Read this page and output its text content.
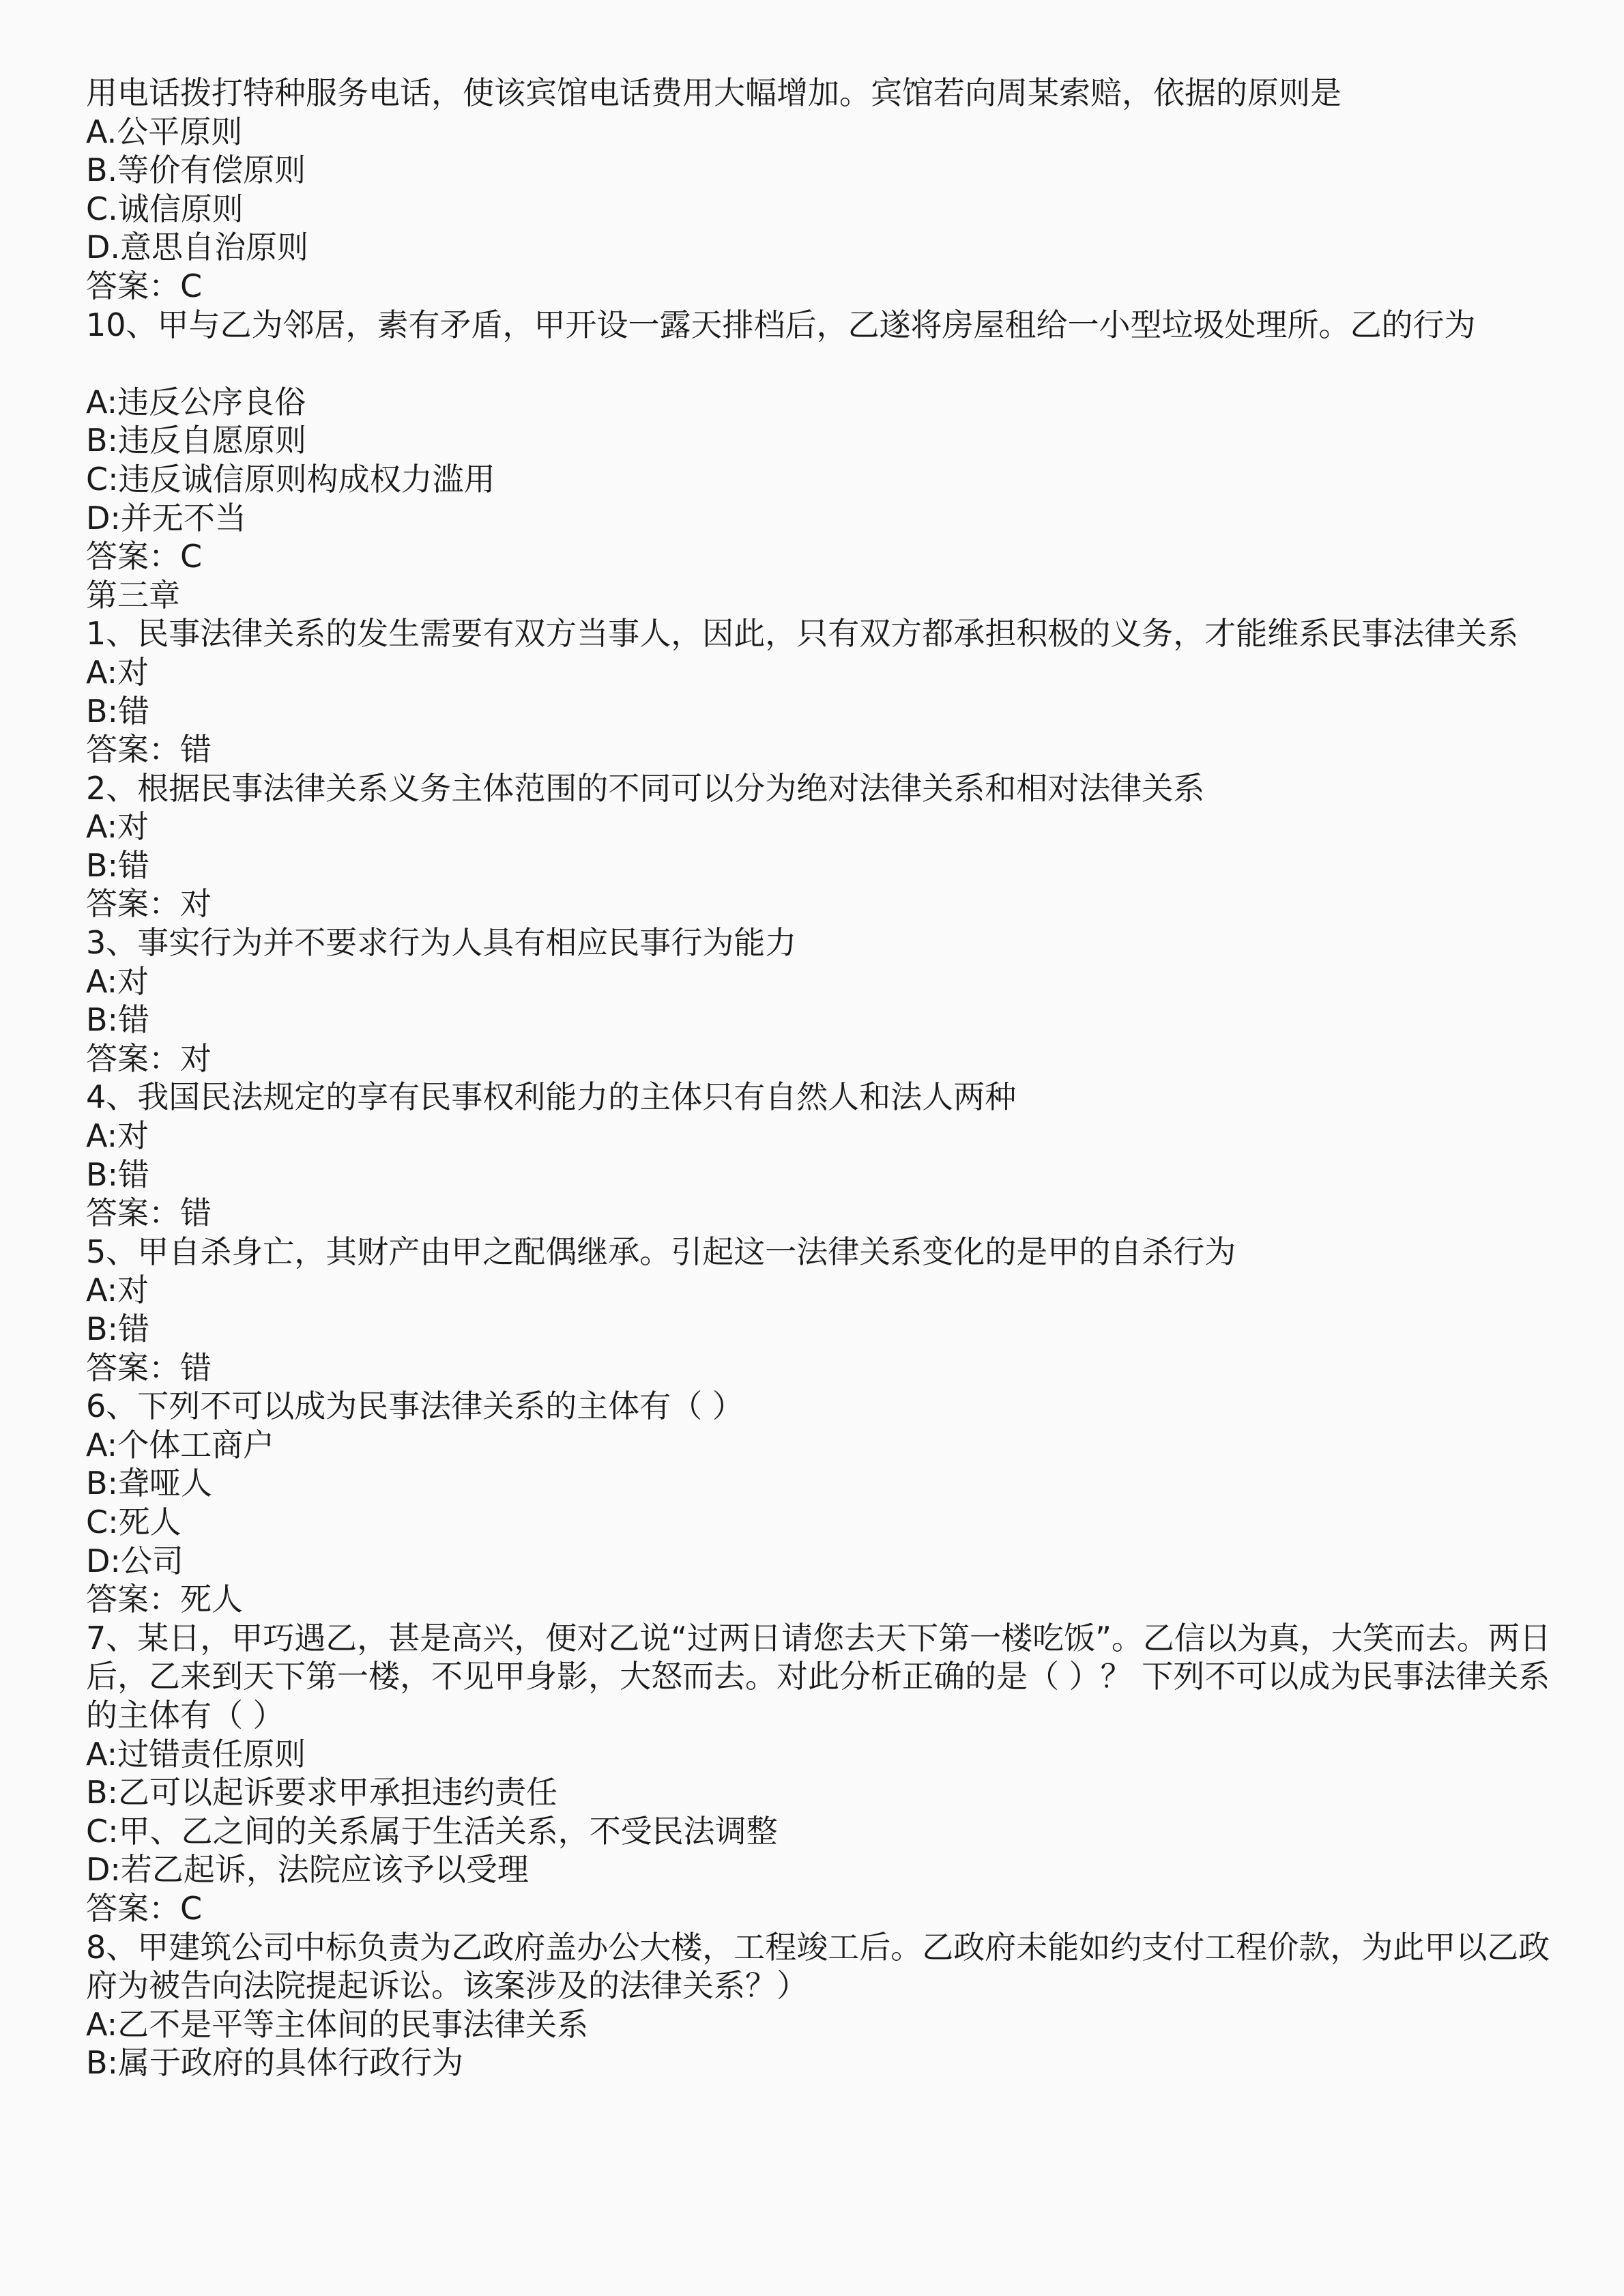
用电话拨打特种服务电话，使该宾馆电话费用大幅增加。宾馆若向周某索赔，依据的原则是

A.公平原则

B.等价有偿原则

C.诚信原则

D.意思自治原则

答案：C

10、甲与乙为邻居，素有矛盾，甲开设一露天排档后，乙遂将房屋租给一小型垃圾处理所。乙的行为

A:违反公序良俗

B:违反自愿原则

C:违反诚信原则构成权力滥用

D:并无不当

答案：C

第三章

1、民事法律关系的发生需要有双方当事人，因此，只有双方都承担积极的义务，才能维系民事法律关系

A:对

B:错

答案：错

2、根据民事法律关系义务主体范围的不同可以分为绝对法律关系和相对法律关系

A:对

B:错

答案：对

3、事实行为并不要求行为人具有相应民事行为能力

A:对

B:错

答案：对

4、我国民法规定的享有民事权利能力的主体只有自然人和法人两种

A:对

B:错

答案：错

5、甲自杀身亡，其财产由甲之配偶继承。引起这一法律关系变化的是甲的自杀行为

A:对

B:错

答案：错

6、下列不可以成为民事法律关系的主体有（ ）

A:个体工商户

B:聋哑人

C:死人

D:公司

答案：死人

7、某日，甲巧遇乙，甚是高兴，便对乙说“过两日请您去天下第一楼吃饭”。乙信以为真，大笑而去。两日后，乙来到天下第一楼，不见甲身影，大怒而去。对此分析正确的是（ ）？ 下列不可以成为民事法律关系的主体有（ ）

A:过错责任原则

B:乙可以起诉要求甲承担违约责任

C:甲、乙之间的关系属于生活关系，不受民法调整

D:若乙起诉，法院应该予以受理

答案：C

8、甲建筑公司中标负责为乙政府盖办公大楼，工程竣工后。乙政府未能如约支付工程价款，为此甲以乙政府为被告向法院提起诉讼。该案涉及的法律关系？）

A:乙不是平等主体间的民事法律关系

B:属于政府的具体行政行为
